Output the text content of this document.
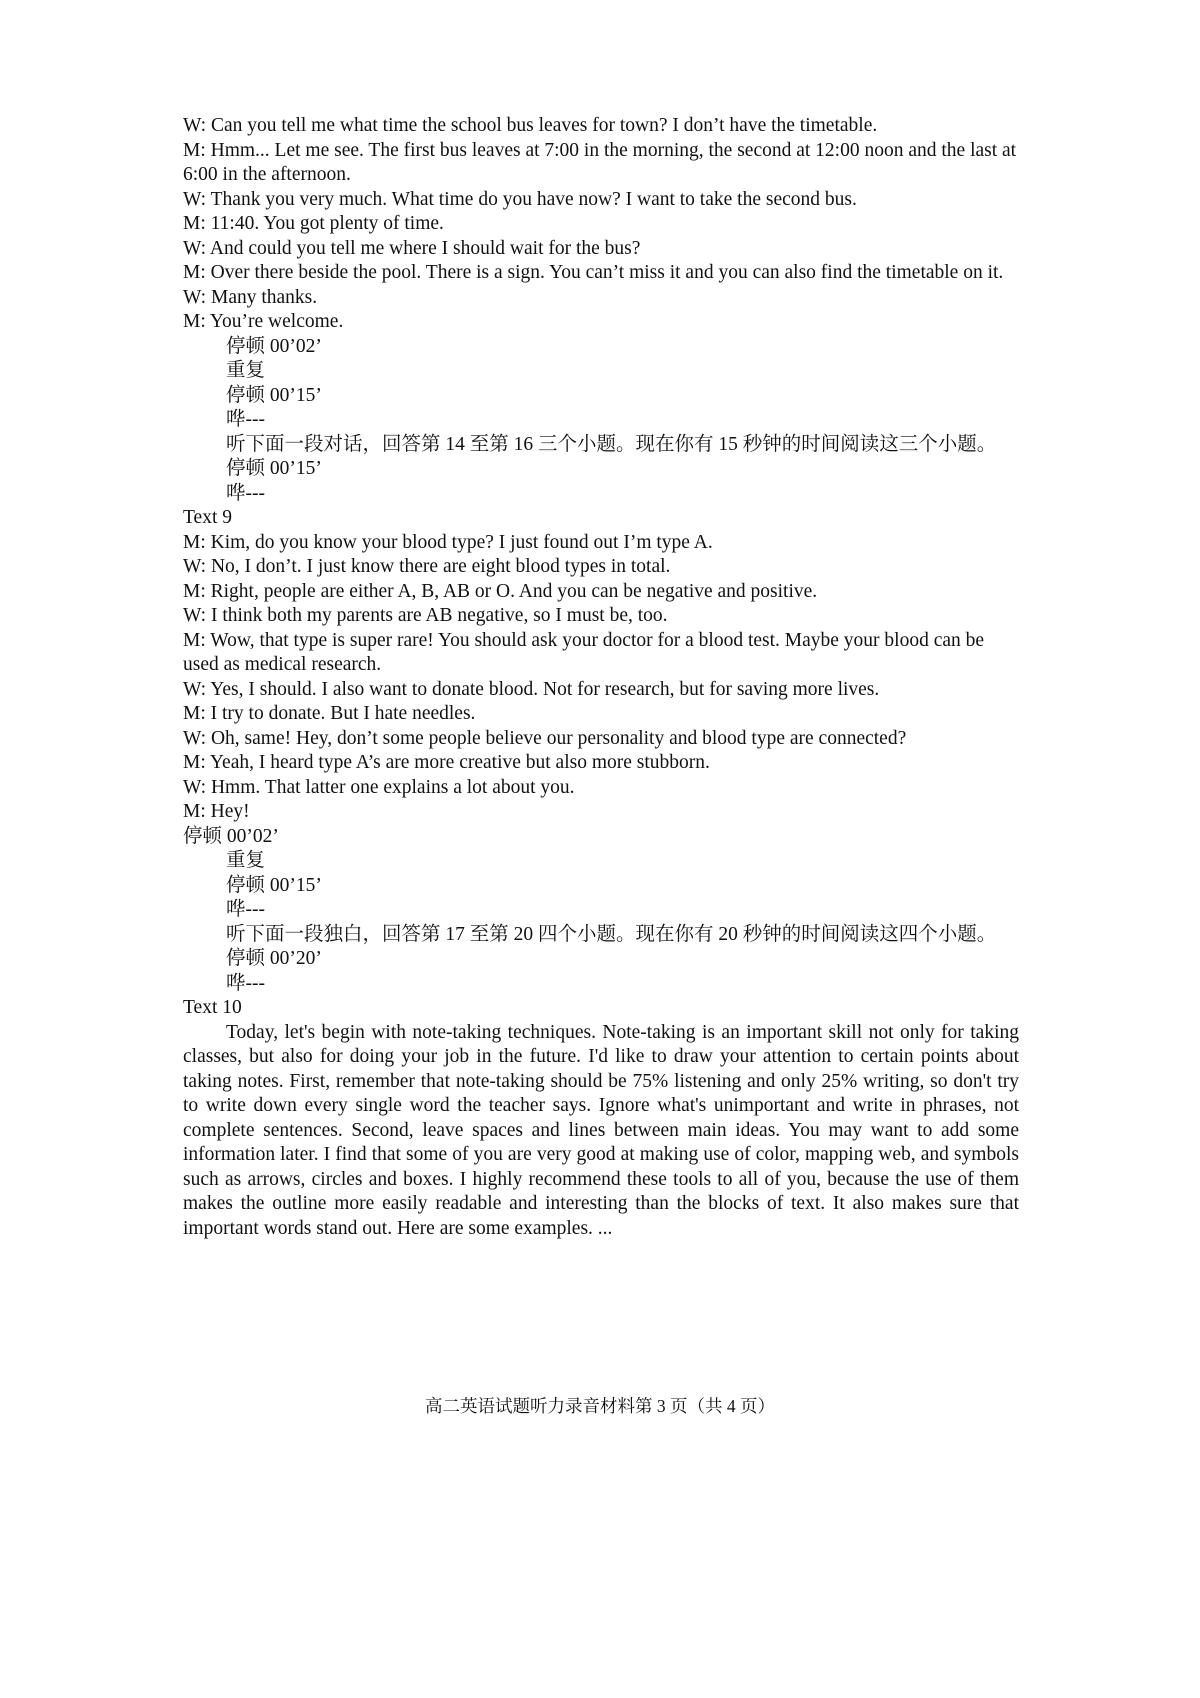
W: Can you tell me what time the school bus leaves for town? I don’t have the timetable.

M: Hmm... Let me see. The first bus leaves at 7:00 in the morning, the second at 12:00 noon and the last at 6:00 in the afternoon.

W: Thank you very much. What time do you have now? I want to take the second bus.

M: 11:40. You got plenty of time.

W: And could you tell me where I should wait for the bus?

M: Over there beside the pool. There is a sign. You can’t miss it and you can also find the timetable on it.

W: Many thanks.

M: You’re welcome.

停顿 00’02’

重复

停顿 00’15’

哗---

听下面一段对话，回答第 14 至第 16 三个小题。现在你有 15 秒钟的时间阅读这三个小题。

停顿 00’15’

哗---

Text 9

M: Kim, do you know your blood type? I just found out I’m type A.

W: No, I don’t. I just know there are eight blood types in total.

M: Right, people are either A, B, AB or O. And you can be negative and positive.

W: I think both my parents are AB negative, so I must be, too.

M: Wow, that type is super rare! You should ask your doctor for a blood test. Maybe your blood can be used as medical research.

W: Yes, I should. I also want to donate blood. Not for research, but for saving more lives.

M: I try to donate. But I hate needles.

W: Oh, same! Hey, don’t some people believe our personality and blood type are connected?

M: Yeah, I heard type A’s are more creative but also more stubborn.

W: Hmm. That latter one explains a lot about you.

M: Hey!

停顿 00’02’

重复

停顿 00’15’

哗---

听下面一段独白，回答第 17 至第 20 四个小题。现在你有 20 秒钟的时间阅读这四个小题。

停顿 00’20’

哗---

Text 10

Today, let's begin with note-taking techniques. Note-taking is an important skill not only for taking classes, but also for doing your job in the future. I'd like to draw your attention to certain points about taking notes. First, remember that note-taking should be 75% listening and only 25% writing, so don't try to write down every single word the teacher says. Ignore what's unimportant and write in phrases, not complete sentences. Second, leave spaces and lines between main ideas. You may want to add some information later. I find that some of you are very good at making use of color, mapping web, and symbols such as arrows, circles and boxes. I highly recommend these tools to all of you, because the use of them makes the outline more easily readable and interesting than the blocks of text. It also makes sure that important words stand out. Here are some examples. ...

高二英语试题听力录音材料第 3 页（共 4 页）
